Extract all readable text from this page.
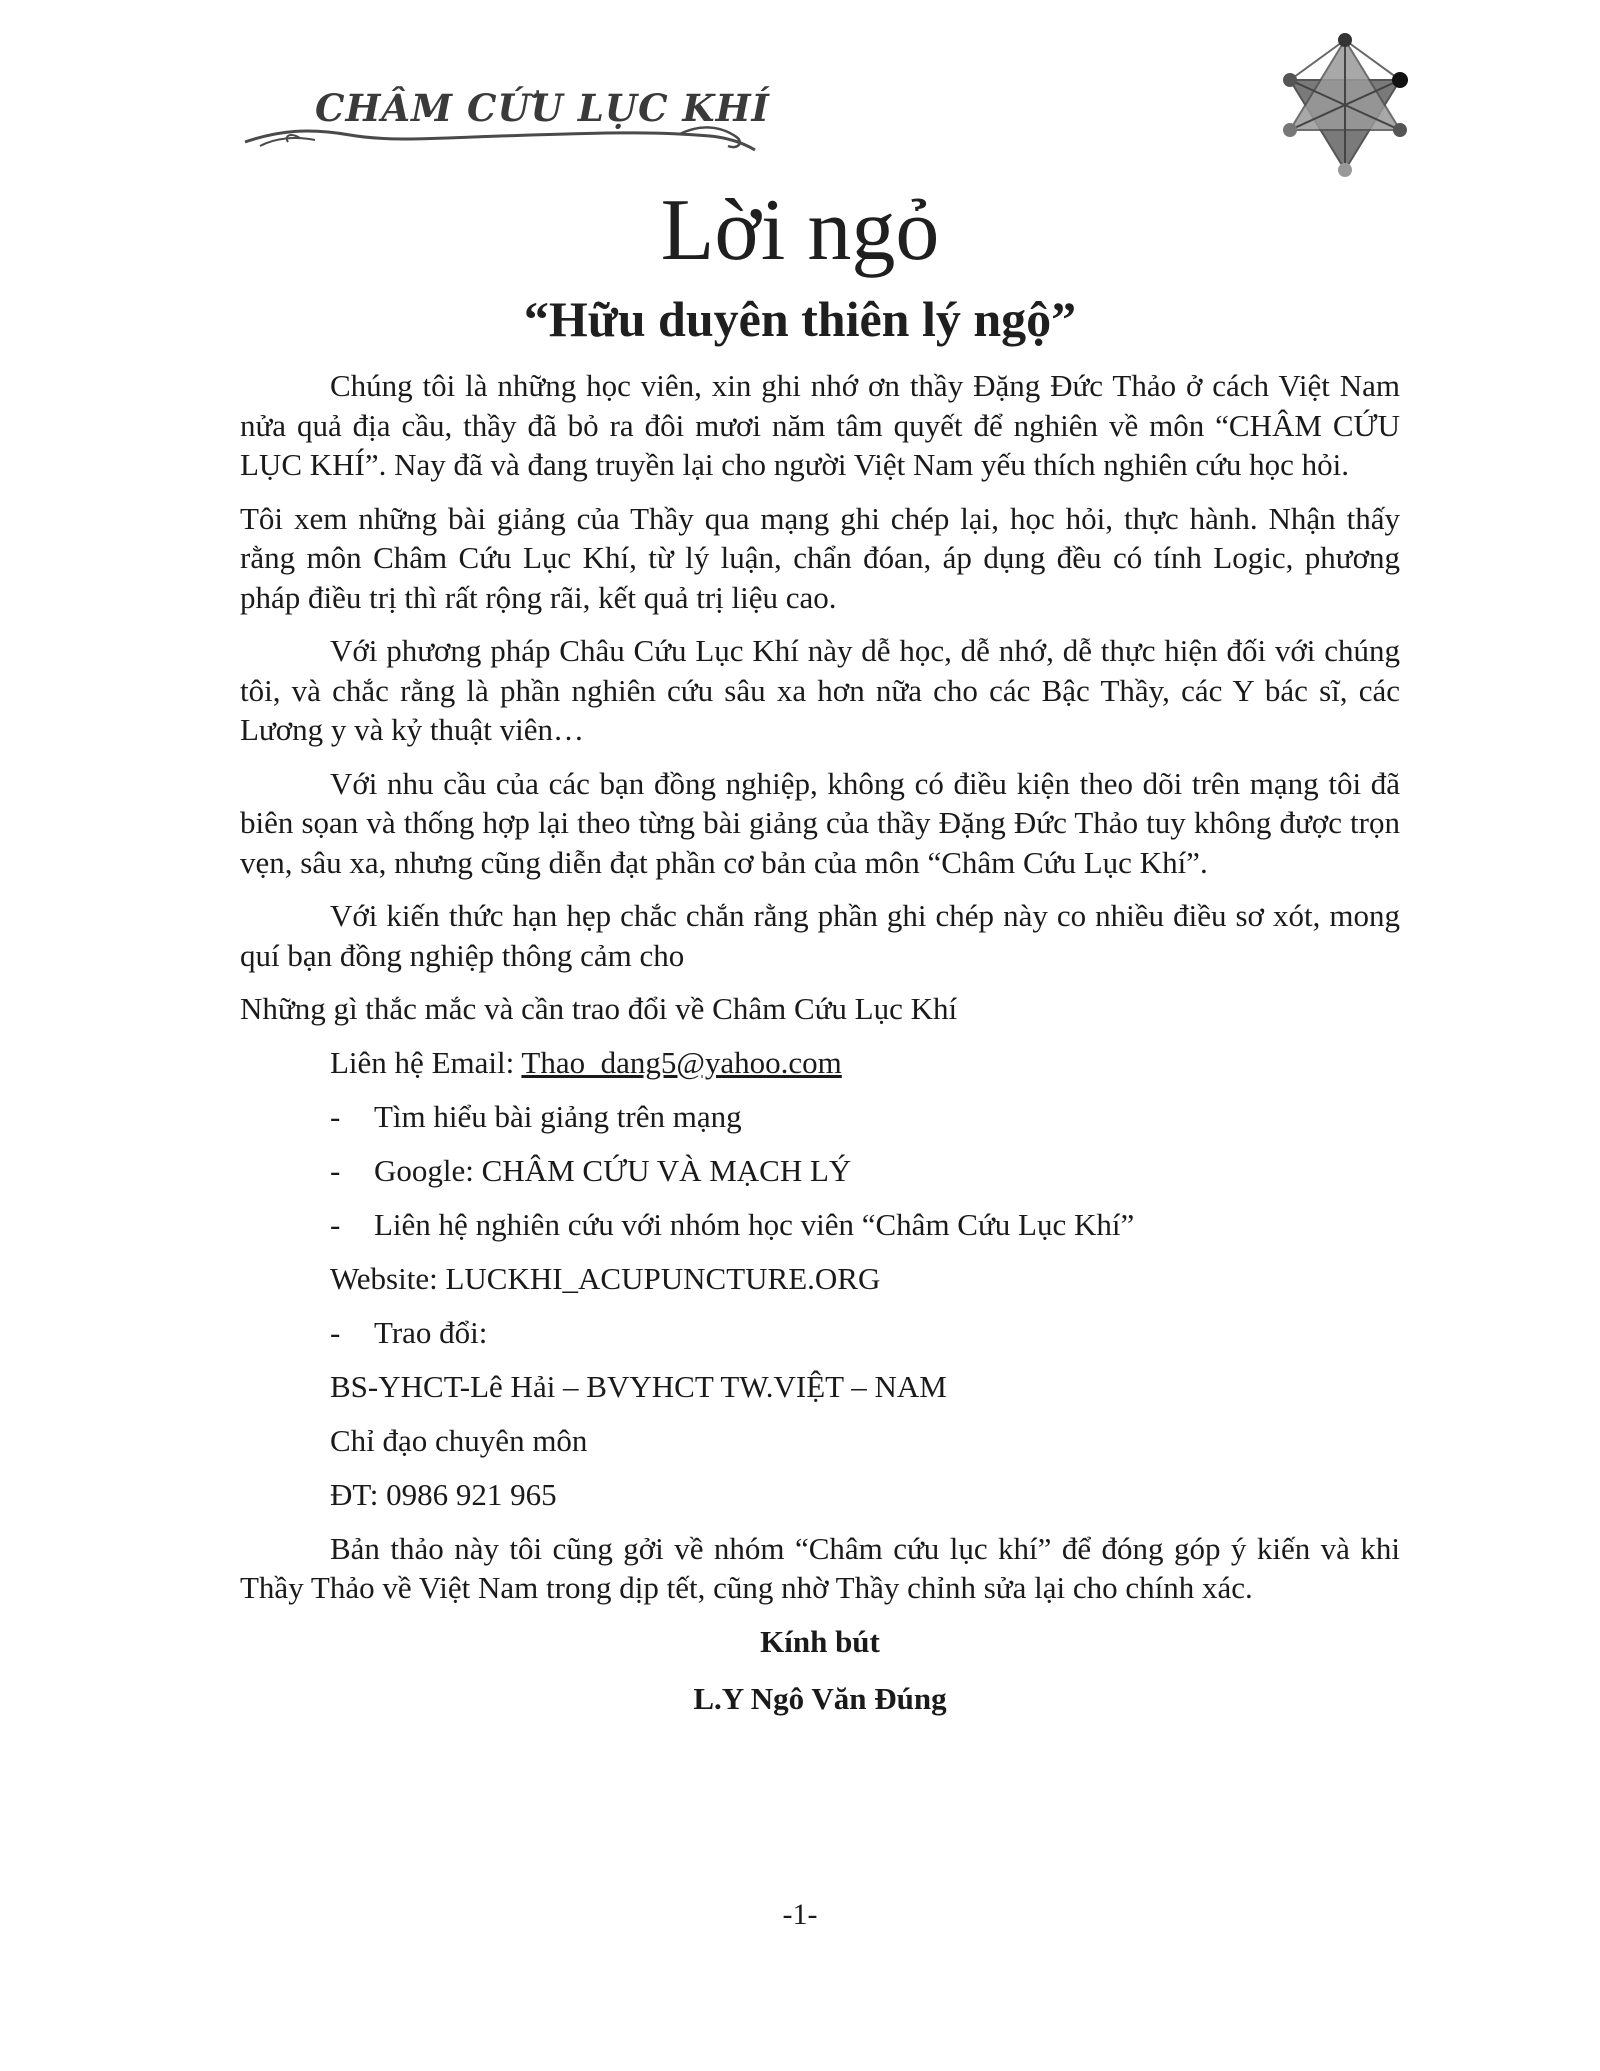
CHÂM CỨU LỤC KHÍ
Lời ngỏ
“Hữu duyên thiên lý ngộ”

Chúng tôi là những học viên, xin ghi nhớ ơn thầy Đặng Đức Thảo ở cách Việt Nam nửa quả địa cầu, thầy đã bỏ ra đôi mươi năm tâm quyết để nghiên về môn “CHÂM CỨU LỤC KHÍ”. Nay đã và đang truyền lại cho người Việt Nam yếu thích nghiên cứu học hỏi.

Tôi xem những bài giảng của Thầy qua mạng ghi chép lại, học hỏi, thực hành. Nhận thấy rằng môn Châm Cứu Lục Khí, từ lý luận, chẩn đóan, áp dụng đều có tính Logic, phương pháp điều trị thì rất rộng rãi, kết quả trị liệu cao.

Với phương pháp Châu Cứu Lục Khí này dễ học, dễ nhớ, dễ thực hiện đối với chúng tôi, và chắc rằng là phần nghiên cứu sâu xa hơn nữa cho các Bậc Thầy, các Y bác sĩ, các Lương y và kỷ thuật viên…

Với nhu cầu của các bạn đồng nghiệp, không có điều kiện theo dõi trên mạng tôi đã biên sọan và thống hợp lại theo từng bài giảng của thầy Đặng Đức Thảo tuy không được trọn vẹn, sâu xa, nhưng cũng diễn đạt phần cơ bản của môn “Châm Cứu Lục Khí”.

Với kiến thức hạn hẹp chắc chắn rằng phần ghi chép này co nhiều điều sơ xót, mong quí bạn đồng nghiệp thông cảm cho

Những gì thắc mắc và cần trao đổi về Châm Cứu Lục Khí

Liên hệ Email: Thao_dang5@yahoo.com

-	Tìm hiểu bài giảng trên mạng
-	Google: CHÂM CỨU VÀ MẠCH LÝ
-	Liên hệ nghiên cứu với nhóm học viên “Châm Cứu Lục Khí”

Website: LUCKHI_ACUPUNCTURE.ORG

-	Trao đổi:

BS-YHCT-Lê Hải – BVYHCT TW.VIỆT – NAM

Chỉ đạo chuyên môn

ĐT: 0986 921 965

Bản thảo này tôi cũng gởi về nhóm “Châm cứu lục khí” để đóng góp ý kiến và khi Thầy Thảo về Việt Nam trong dịp tết, cũng nhờ Thầy chỉnh sửa lại cho chính xác.

Kính bút

L.Y Ngô Văn Đúng

-1-
